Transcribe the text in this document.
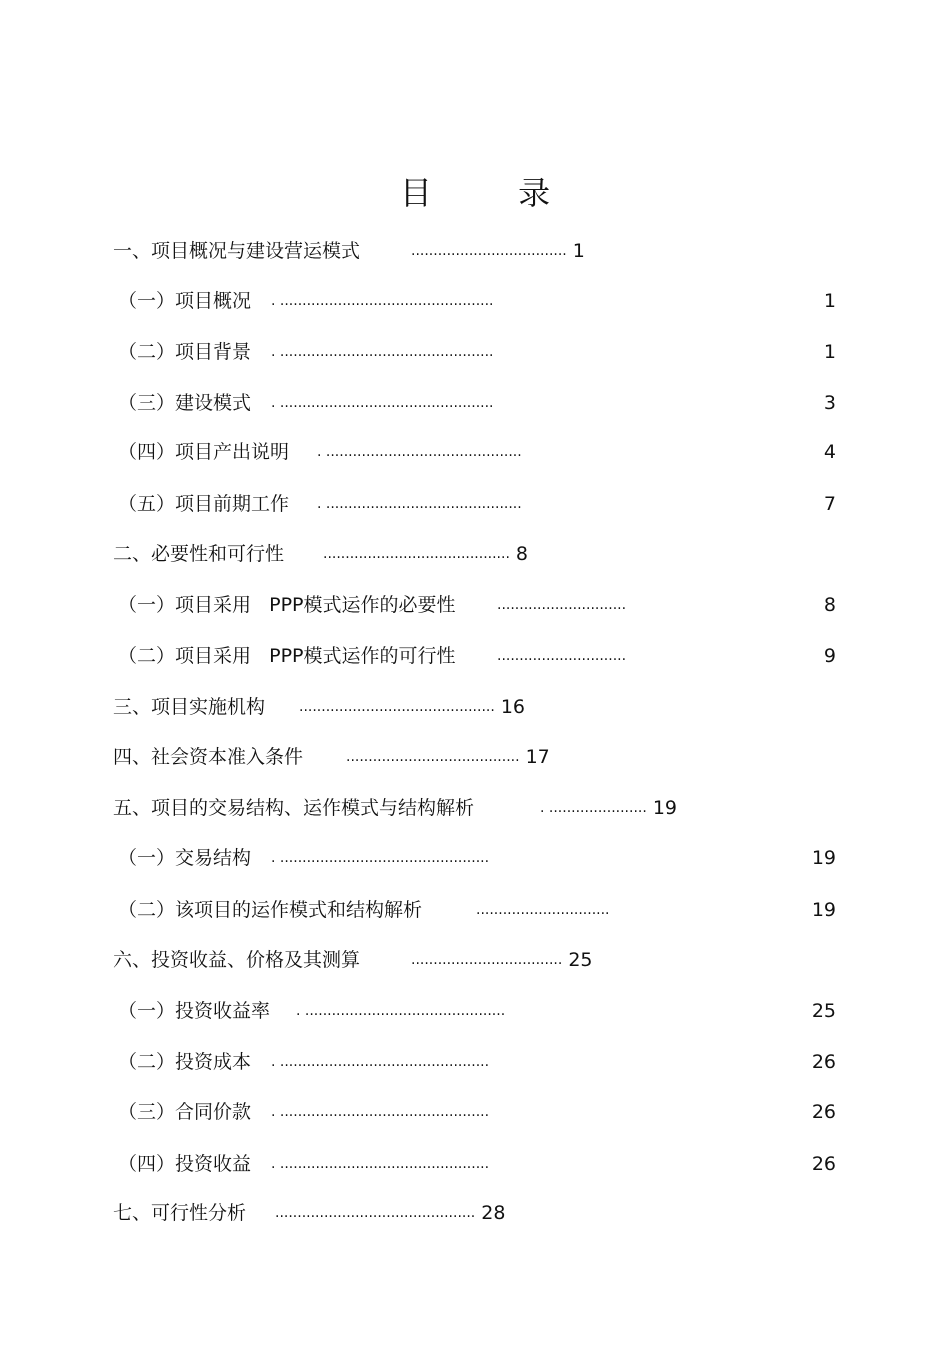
目 录
一、项目概况与建设营运模式	................................... 1
（一）项目概况 . ................................................	1
（二）项目背景 . ................................................	1
（三）建设模式 . ................................................	3
（四）项目产出说明 . ............................................	4
（五）项目前期工作 . ............................................	7
二、必要性和可行性	.......................................... 8
（一）项目采用   PPP模式运作的必要性	.............................	8
（二）项目采用   PPP模式运作的可行性	.............................	9
三、项目实施机构 ............................................ 16
四、社会资本准入条件	....................................... 17
五、项目的交易结构、运作模式与结构解析	. ...................... 19
（一）交易结构 . ...............................................	19
（二）该项目的运作模式和结构解析	..............................	19
六、投资收益、价格及其测算	.................................. 25
（一）投资收益率 . .............................................	25
（二）投资成本 . ...............................................	26
（三）合同价款 . ...............................................	26
（四）投资收益 . ...............................................	26
七、可行性分析 ............................................. 28
